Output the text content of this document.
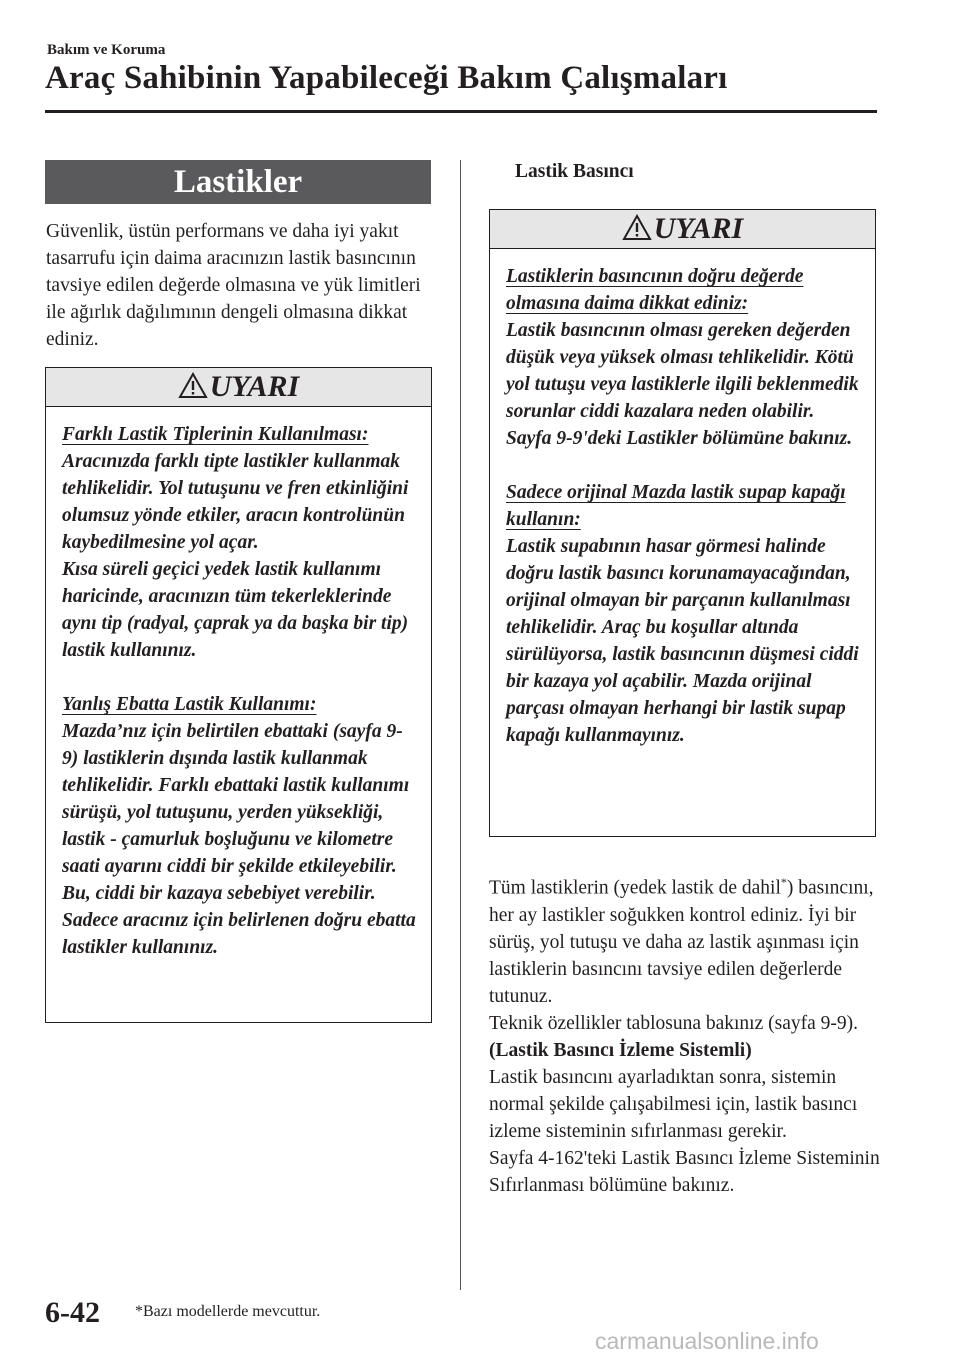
Bakım ve Koruma
Araç Sahibinin Yapabileceği Bakım Çalışmaları
Lastikler
Güvenlik, üstün performans ve daha iyi yakıt tasarrufu için daima aracınızın lastik basıncının tavsiye edilen değerde olmasına ve yük limitleri ile ağırlık dağılımının dengeli olmasına dikkat ediniz.
UYARI

Farklı Lastik Tiplerinin Kullanılması:

Aracınızda farklı tipte lastikler kullanmak tehlikelidir. Yol tutuşunu ve fren etkinliğini olumsuz yönde etkiler, aracın kontrolünün kaybedilmesine yol açar.

Kısa süreli geçici yedek lastik kullanımı haricinde, aracınızın tüm tekerleklerinde aynı tip (radyal, çaprak ya da başka bir tip) lastik kullanınız.

Yanlış Ebatta Lastik Kullanımı:

Mazda’nız için belirtilen ebattaki (sayfa 9-9) lastiklerin dışında lastik kullanmak tehlikelidir. Farklı ebattaki lastik kullanımı sürüşü, yol tutuşunu, yerden yüksekliği, lastik - çamurluk boşluğunu ve kilometre saati ayarını ciddi bir şekilde etkileyebilir. Bu, ciddi bir kazaya sebebiyet verebilir. Sadece aracınız için belirlenen doğru ebatta lastikler kullanınız.

Lastik Basıncı
UYARI

Lastiklerin basıncının doğru değerde olmasına daima dikkat ediniz:

Lastik basıncının olması gereken değerden düşük veya yüksek olması tehlikelidir. Kötü yol tutuşu veya lastiklerle ilgili beklenmedik sorunlar ciddi kazalara neden olabilir.

Sayfa 9-9'deki Lastikler bölümüne bakınız.

Sadece orijinal Mazda lastik supap kapağı kullanın:

Lastik supabının hasar görmesi halinde doğru lastik basıncı korunamayacağından, orijinal olmayan bir parçanın kullanılması tehlikelidir. Araç bu koşullar altında sürülüyorsa, lastik basıncının düşmesi ciddi bir kazaya yol açabilir. Mazda orijinal parçası olmayan herhangi bir lastik supap kapağı kullanmayınız.

Tüm lastiklerin (yedek lastik de dahil*) basıncını, her ay lastikler soğukken kontrol ediniz. İyi bir sürüş, yol tutuşu ve daha az lastik aşınması için lastiklerin basıncını tavsiye edilen değerlerde tutunuz.

Teknik özellikler tablosuna bakınız (sayfa 9-9).

(Lastik Basıncı İzleme Sistemli)

Lastik basıncını ayarladıktan sonra, sistemin normal şekilde çalışabilmesi için, lastik basıncı izleme sisteminin sıfırlanması gerekir.

Sayfa 4-162'teki Lastik Basıncı İzleme Sisteminin Sıfırlanması bölümüne bakınız.

6-42 *Bazı modellerde mevcuttur.
carmanualsonline.info
